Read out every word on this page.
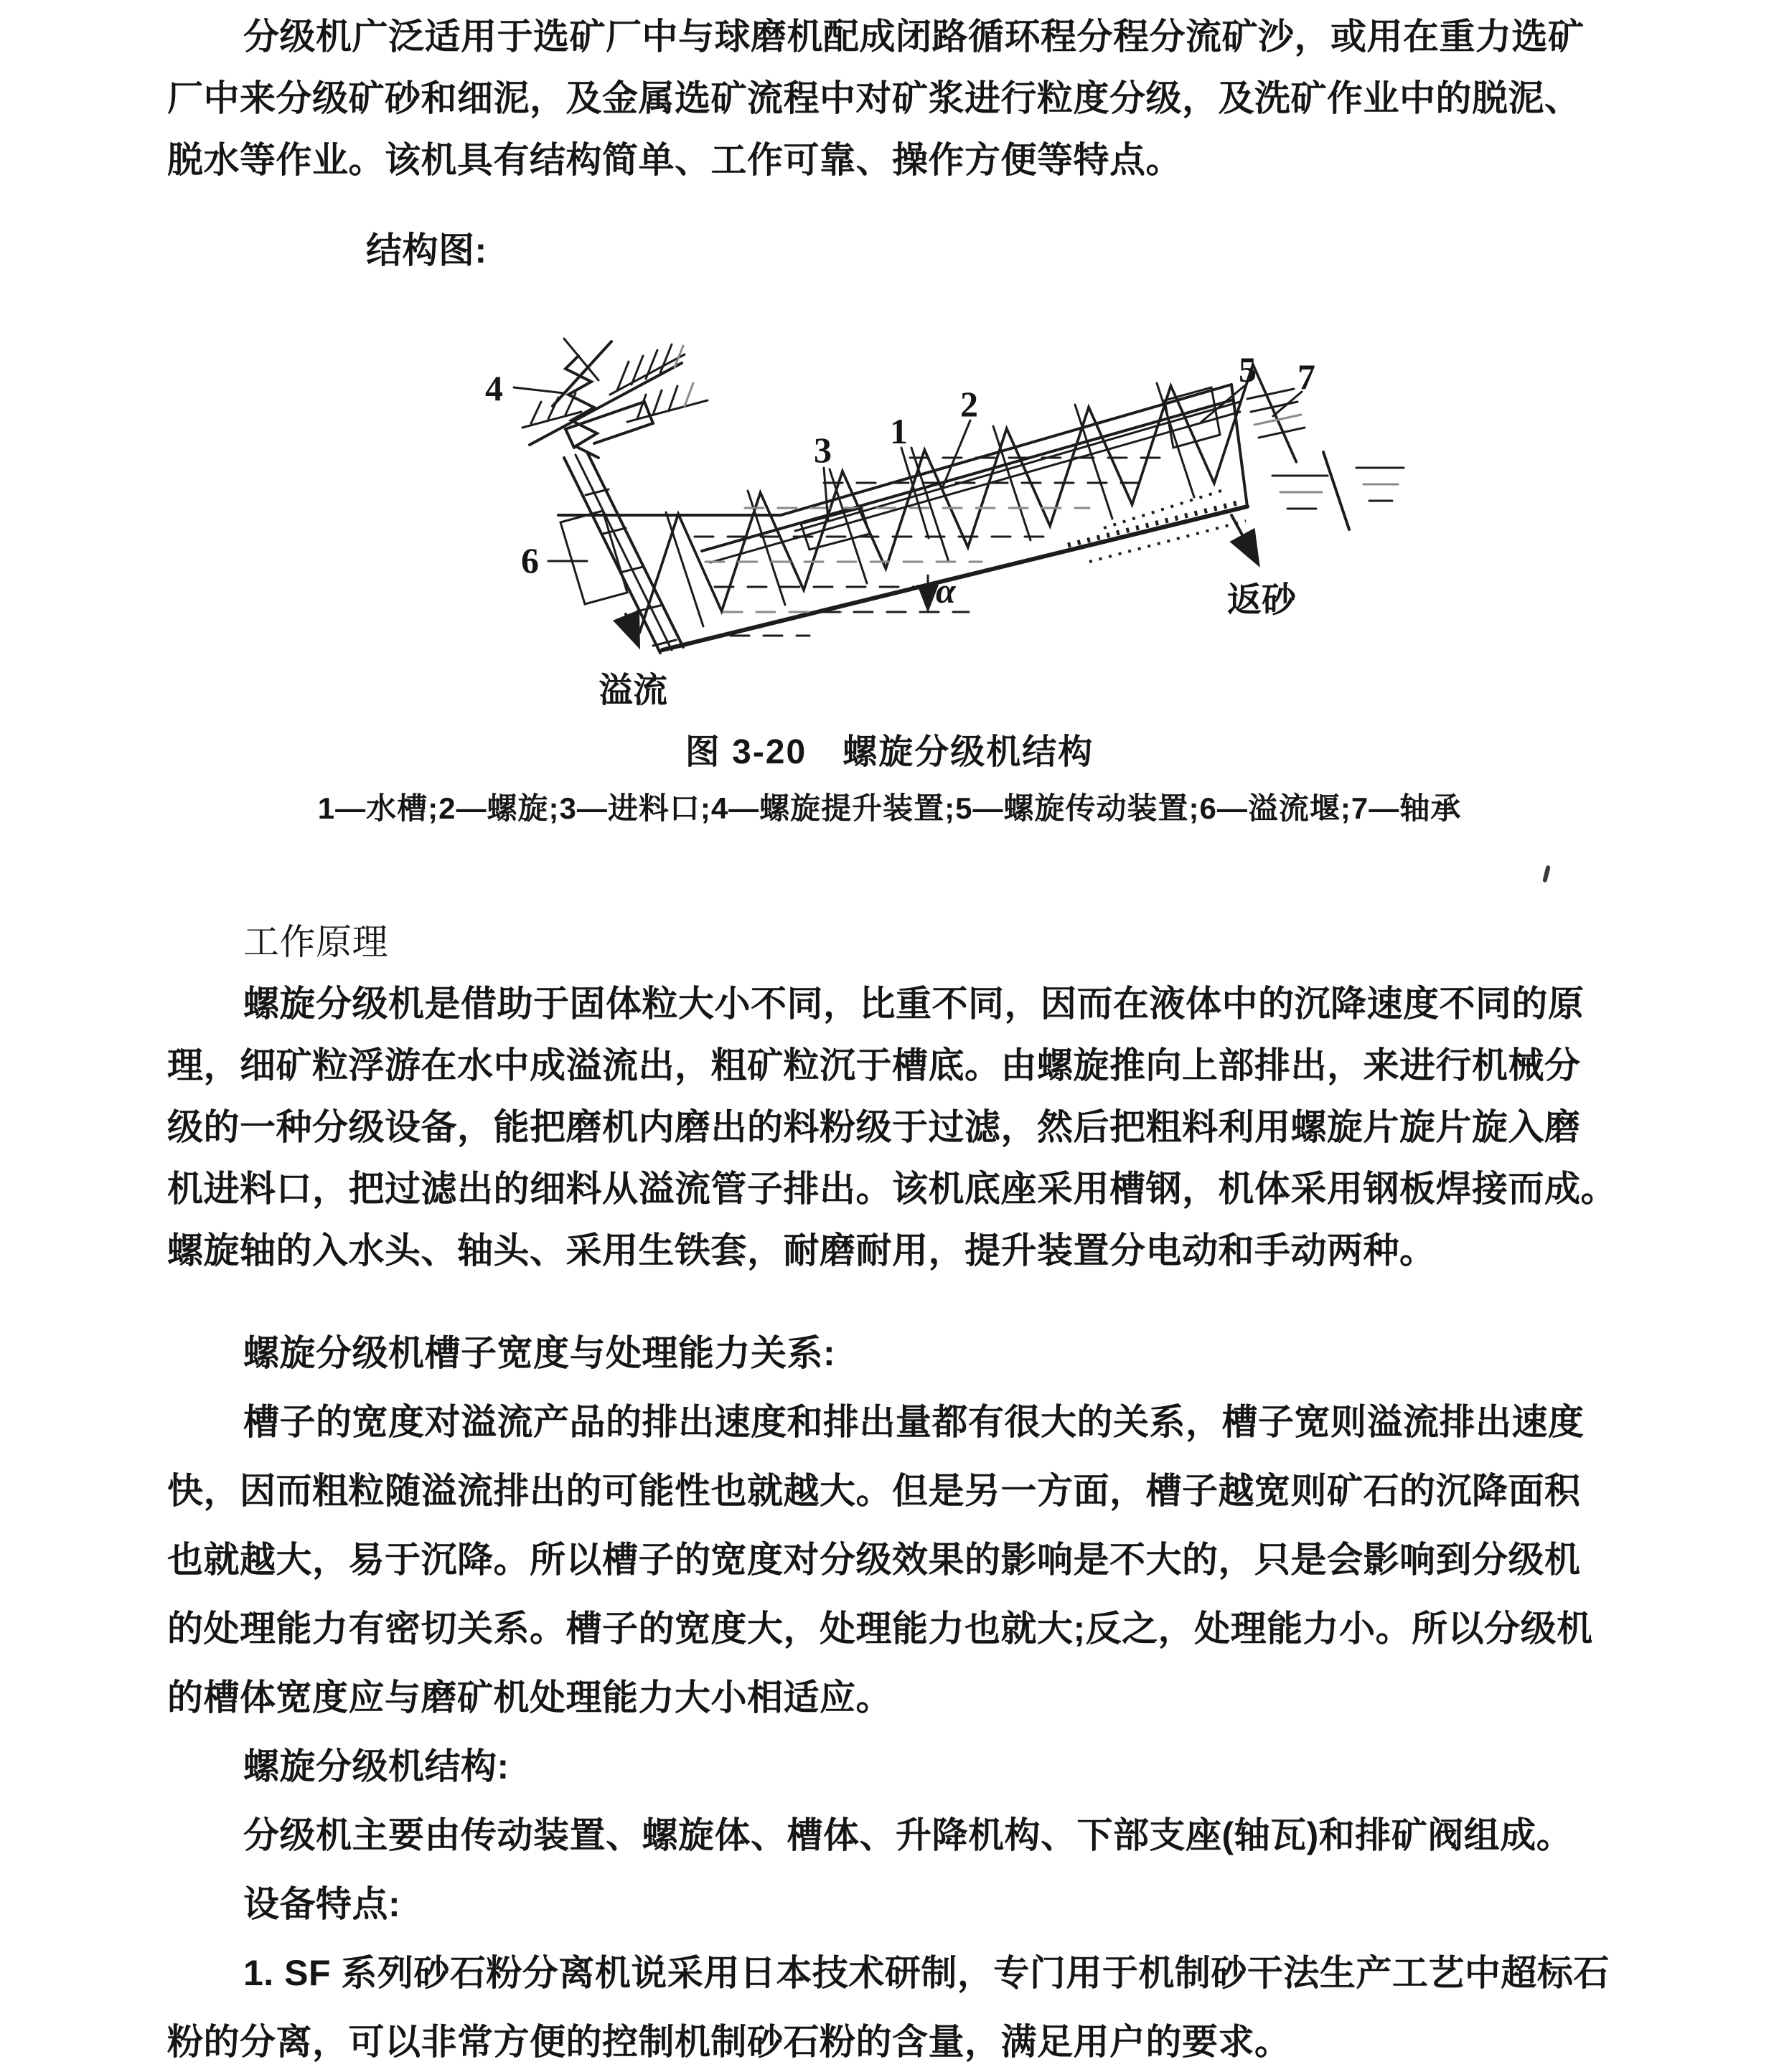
分级机广泛适用于选矿厂中与球磨机配成闭路循环程分程分流矿沙，或用在重力选矿

厂中来分级矿砂和细泥，及金属选矿流程中对矿浆进行粒度分级，及洗矿作业中的脱泥、

脱水等作业。该机具有结构简单、工作可靠、操作方便等特点。

结构图:

4
6
3 1
2
5 7
α
溢流
返砂
图 3-20　螺旋分级机结构
1—水槽;2—螺旋;3—进料口;4—螺旋提升装置;5—螺旋传动装置;6—溢流堰;7—轴承

工作原理

螺旋分级机是借助于固体粒大小不同，比重不同，因而在液体中的沉降速度不同的原

理，细矿粒浮游在水中成溢流出，粗矿粒沉于槽底。由螺旋推向上部排出，来进行机械分

级的一种分级设备，能把磨机内磨出的料粉级于过滤，然后把粗料利用螺旋片旋片旋入磨

机进料口，把过滤出的细料从溢流管子排出。该机底座采用槽钢，机体采用钢板焊接而成。

螺旋轴的入水头、轴头、采用生铁套，耐磨耐用，提升装置分电动和手动两种。

螺旋分级机槽子宽度与处理能力关系:

槽子的宽度对溢流产品的排出速度和排出量都有很大的关系，槽子宽则溢流排出速度

快，因而粗粒随溢流排出的可能性也就越大。但是另一方面，槽子越宽则矿石的沉降面积

也就越大，易于沉降。所以槽子的宽度对分级效果的影响是不大的，只是会影响到分级机

的处理能力有密切关系。槽子的宽度大，处理能力也就大;反之，处理能力小。所以分级机

的槽体宽度应与磨矿机处理能力大小相适应。

螺旋分级机结构:

分级机主要由传动装置、螺旋体、槽体、升降机构、下部支座(轴瓦)和排矿阀组成。

设备特点:

1. SF 系列砂石粉分离机说采用日本技术研制，专门用于机制砂干法生产工艺中超标石

粉的分离，可以非常方便的控制机制砂石粉的含量，满足用户的要求。
